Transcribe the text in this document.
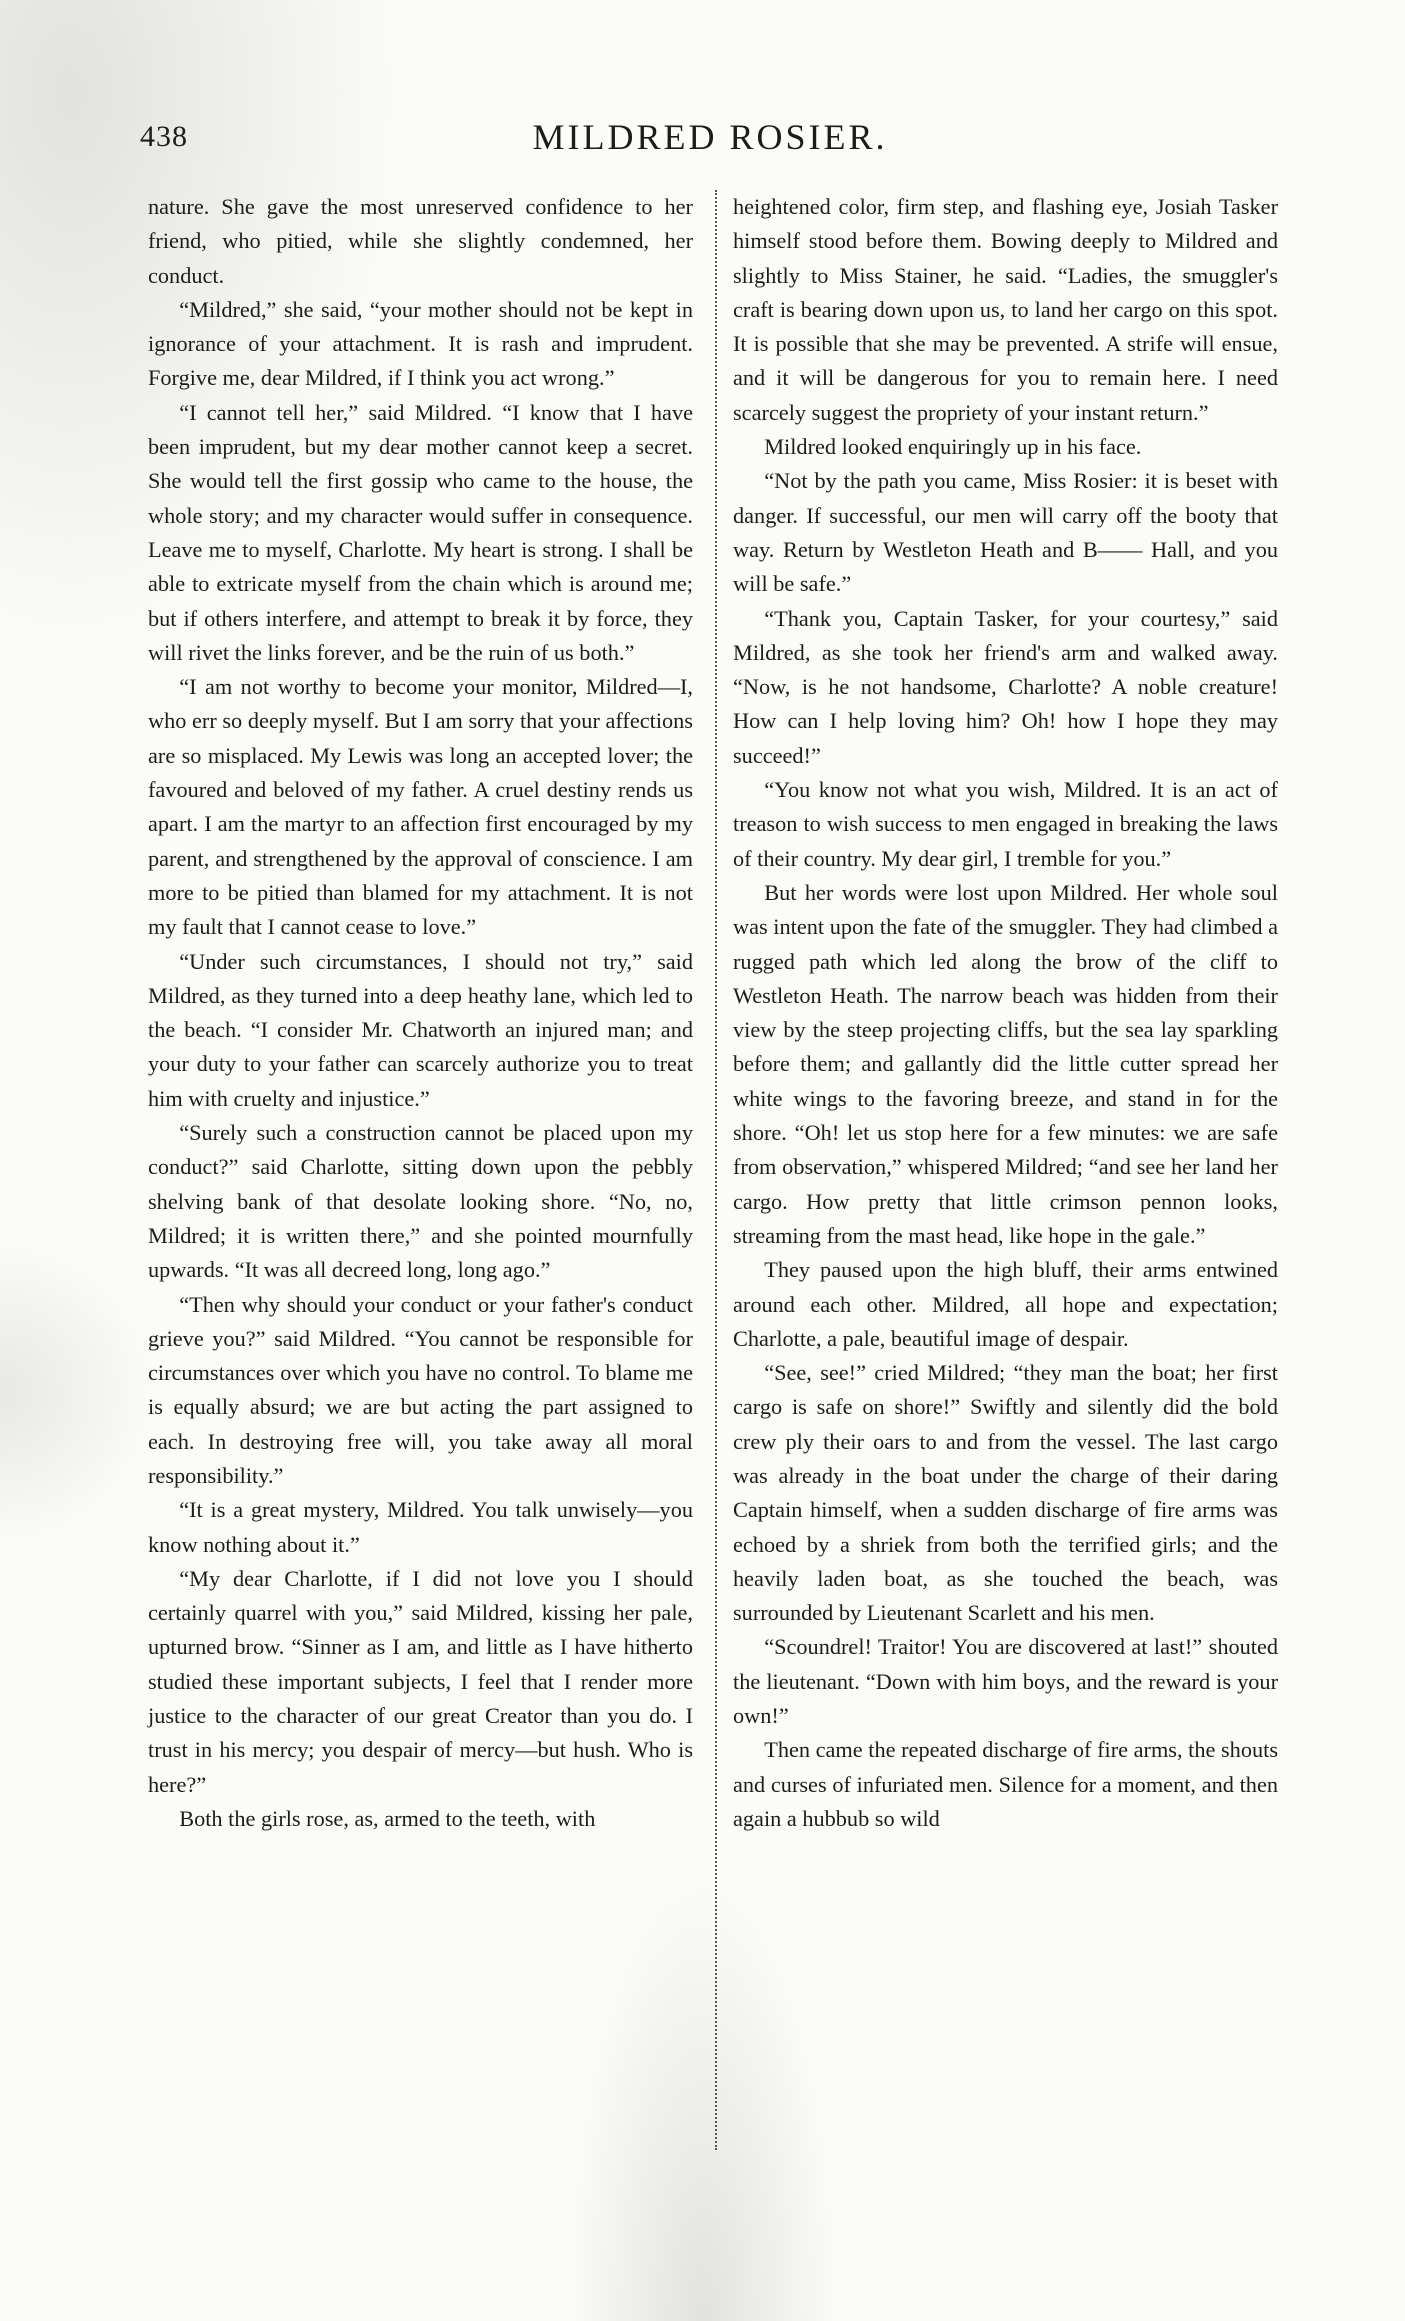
438	MILDRED ROSIER.

nature. She gave the most unreserved confidence to her friend, who pitied, while she slightly condemned, her conduct.

“Mildred,” she said, “your mother should not be kept in ignorance of your attachment. It is rash and imprudent. Forgive me, dear Mildred, if I think you act wrong.”

“I cannot tell her,” said Mildred. “I know that I have been imprudent, but my dear mother cannot keep a secret. She would tell the first gossip who came to the house, the whole story; and my character would suffer in consequence. Leave me to myself, Charlotte. My heart is strong. I shall be able to extricate myself from the chain which is around me; but if others interfere, and attempt to break it by force, they will rivet the links forever, and be the ruin of us both.”

“I am not worthy to become your monitor, Mildred—I, who err so deeply myself. But I am sorry that your affections are so misplaced. My Lewis was long an accepted lover; the favoured and beloved of my father. A cruel destiny rends us apart. I am the martyr to an affection first encouraged by my parent, and strengthened by the approval of conscience. I am more to be pitied than blamed for my attachment. It is not my fault that I cannot cease to love.”

“Under such circumstances, I should not try,” said Mildred, as they turned into a deep heathy lane, which led to the beach. “I consider Mr. Chatworth an injured man; and your duty to your father can scarcely authorize you to treat him with cruelty and injustice.”

“Surely such a construction cannot be placed upon my conduct?” said Charlotte, sitting down upon the pebbly shelving bank of that desolate looking shore. “No, no, Mildred; it is written there,” and she pointed mournfully upwards. “It was all decreed long, long ago.”

“Then why should your conduct or your father's conduct grieve you?” said Mildred. “You cannot be responsible for circumstances over which you have no control. To blame me is equally absurd; we are but acting the part assigned to each. In destroying free will, you take away all moral responsibility.”

“It is a great mystery, Mildred. You talk unwisely—you know nothing about it.”

“My dear Charlotte, if I did not love you I should certainly quarrel with you,” said Mildred, kissing her pale, upturned brow. “Sinner as I am, and little as I have hitherto studied these important subjects, I feel that I render more justice to the character of our great Creator than you do. I trust in his mercy; you despair of mercy—but hush. Who is here?”

Both the girls rose, as, armed to the teeth, with

heightened color, firm step, and flashing eye, Josiah Tasker himself stood before them. Bowing deeply to Mildred and slightly to Miss Stainer, he said. “Ladies, the smuggler's craft is bearing down upon us, to land her cargo on this spot. It is possible that she may be prevented. A strife will ensue, and it will be dangerous for you to remain here. I need scarcely suggest the propriety of your instant return.”

Mildred looked enquiringly up in his face.

“Not by the path you came, Miss Rosier: it is beset with danger. If successful, our men will carry off the booty that way. Return by Westleton Heath and B—— Hall, and you will be safe.”

“Thank you, Captain Tasker, for your courtesy,” said Mildred, as she took her friend's arm and walked away. “Now, is he not handsome, Charlotte? A noble creature! How can I help loving him? Oh! how I hope they may succeed!”

“You know not what you wish, Mildred. It is an act of treason to wish success to men engaged in breaking the laws of their country. My dear girl, I tremble for you.”

But her words were lost upon Mildred. Her whole soul was intent upon the fate of the smuggler. They had climbed a rugged path which led along the brow of the cliff to Westleton Heath. The narrow beach was hidden from their view by the steep projecting cliffs, but the sea lay sparkling before them; and gallantly did the little cutter spread her white wings to the favoring breeze, and stand in for the shore. “Oh! let us stop here for a few minutes: we are safe from observation,” whispered Mildred; “and see her land her cargo. How pretty that little crimson pennon looks, streaming from the mast head, like hope in the gale.”

They paused upon the high bluff, their arms entwined around each other. Mildred, all hope and expectation; Charlotte, a pale, beautiful image of despair.

“See, see!” cried Mildred; “they man the boat; her first cargo is safe on shore!” Swiftly and silently did the bold crew ply their oars to and from the vessel. The last cargo was already in the boat under the charge of their daring Captain himself, when a sudden discharge of fire arms was echoed by a shriek from both the terrified girls; and the heavily laden boat, as she touched the beach, was surrounded by Lieutenant Scarlett and his men.

“Scoundrel! Traitor! You are discovered at last!” shouted the lieutenant. “Down with him boys, and the reward is your own!”

Then came the repeated discharge of fire arms, the shouts and curses of infuriated men. Silence for a moment, and then again a hubbub so wild
